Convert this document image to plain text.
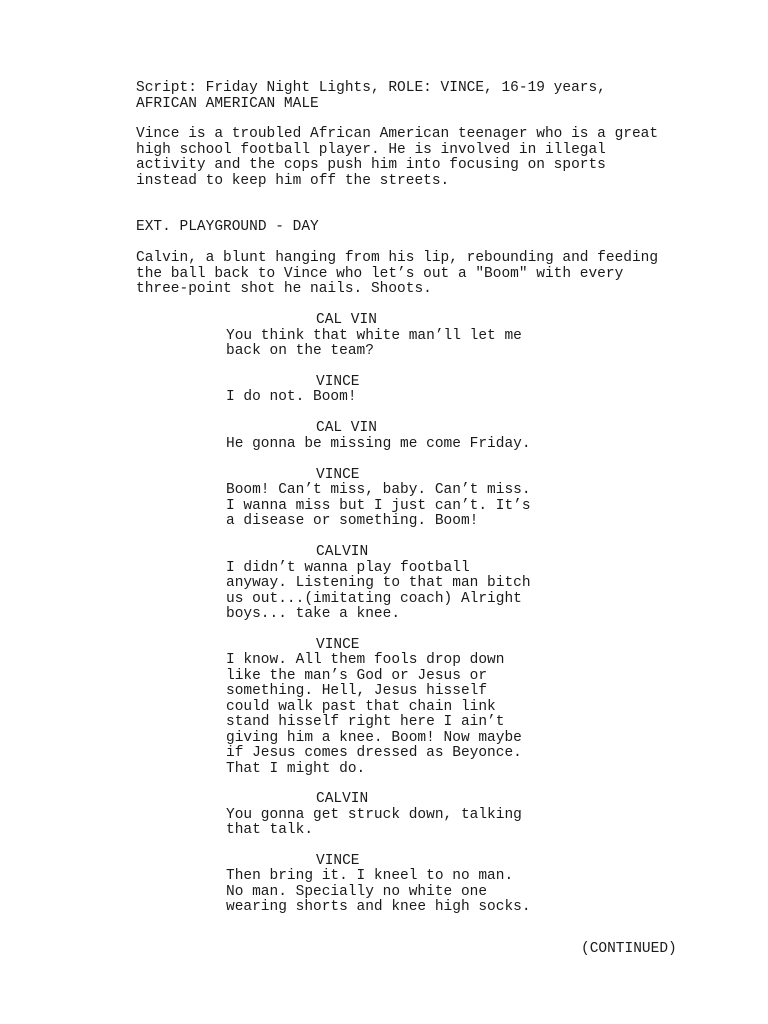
Script: Friday Night Lights, ROLE: VINCE, 16-19 years,
AFRICAN AMERICAN MALE
Vince is a troubled African American teenager who is a great
high school football player. He is involved in illegal
activity and the cops push him into focusing on sports
instead to keep him off the streets.
EXT. PLAYGROUND - DAY
Calvin, a blunt hanging from his lip, rebounding and feeding
the ball back to Vince who let’s out a "Boom" with every
three-point shot he nails. Shoots.
CAL VIN
You think that white man’ll let me
back on the team?
VINCE
I do not. Boom!
CAL VIN
He gonna be missing me come Friday.
VINCE
Boom! Can’t miss, baby. Can’t miss.
I wanna miss but I just can’t. It’s
a disease or something. Boom!
CALVIN
I didn’t wanna play football
anyway. Listening to that man bitch
us out...(imitating coach) Alright
boys... take a knee.
VINCE
I know. All them fools drop down
like the man’s God or Jesus or
something. Hell, Jesus hisself
could walk past that chain link
stand hisself right here I ain’t
giving him a knee. Boom! Now maybe
if Jesus comes dressed as Beyonce.
That I might do.
CALVIN
You gonna get struck down, talking
that talk.
VINCE
Then bring it. I kneel to no man.
No man. Specially no white one
wearing shorts and knee high socks.
(CONTINUED)
